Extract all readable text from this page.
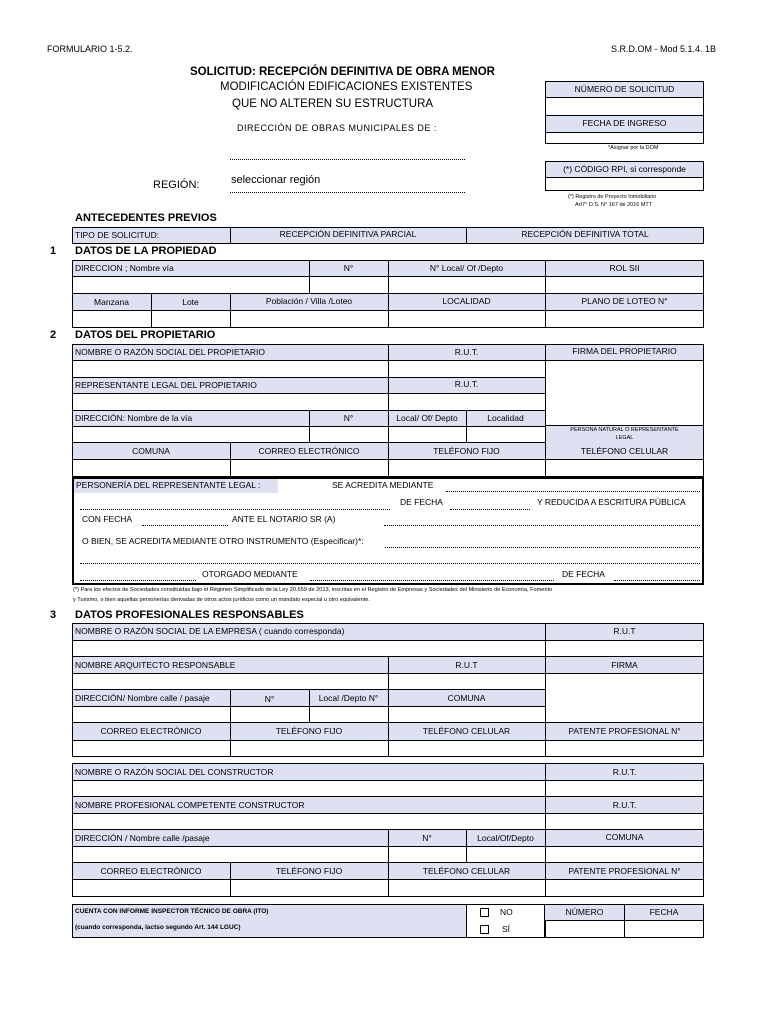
FORMULARIO 1-5.2.	S.R.D.OM - Mod 5.1.4. 1B
SOLICITUD: RECEPCIÓN DEFINITIVA DE OBRA MENOR
MODIFICACIÓN EDIFICACIONES EXISTENTES
QUE NO ALTEREN SU ESTRUCTURA
DIRECCIÓN DE OBRAS MUNICIPALES DE :
REGIÓN:	seleccionar región
NÚMERO DE SOLICITUD
FECHA DE INGRESO
*Asignar por la DOM
(*) CÓDIGO RPI, si corresponde
(*) Registro de Proyecto Inmobiliario
Art7° D.S. N° 167 de 2016 MTT
ANTECEDENTES PREVIOS
TIPO DE SOLICITUD:	RECEPCIÓN DEFINITIVA PARCIAL	RECEPCIÓN DEFINITIVA TOTAL
1 DATOS DE LA PROPIEDAD
DIRECCION ; Nombre vía	N°	N° Local/ Of /Depto	ROL SII
Manzana	Lote	Población / Villa /Loteo	LOCALIDAD	PLANO DE LOTEO N°
2 DATOS DEL PROPIETARIO
NOMBRE O RAZÓN SOCIAL DEL PROPIETARIO	R.U.T.	FIRMA DEL PROPIETARIO
REPRESENTANTE LEGAL DEL PROPIETARIO	R.U.T.
DIRECCIÓN: Nombre de la vía	N°	Local/ Of/ Depto	Localidad
PERSONA NATURAL O REPRESENTANTE
LEGAL
COMUNA	CORREO ELECTRÓNICO	TELÉFONO FIJO	TELÉFONO CELULAR
PERSONERÍA DEL REPRESENTANTE LEGAL :	SE ACREDITA MEDIANTE
DE FECHA	Y REDUCIDA A ESCRITURA PÚBLICA
CON FECHA	ANTE EL NOTARIO SR (A)
O BIEN, SE ACREDITA MEDIANTE OTRO INSTRUMENTO (Especificar)*:
OTORGADO MEDIANTE	DE FECHA
(*) Para los efectos de Sociedades constituidas bajo el Régimen Simplificado de la Ley 20.659 de 2013, inscritas en el Registro de Empresas y Sociedades del Ministerio de Economía, Fomento
y Turismo, o bien aquellas personerías derivadas de otros actos jurídicos como un mandato especial u otro equivalente.
3 DATOS PROFESIONALES RESPONSABLES
NOMBRE O RAZÓN SOCIAL DE LA EMPRESA ( cuando corresponda)	R.U.T
NOMBRE ARQUITECTO RESPONSABLE	R.U.T	FIRMA
DIRECCIÓN/ Nombre calle / pasaje	N°	Local /Depto N°	COMUNA
CORREO ELECTRÓNICO	TELÉFONO FIJO	TELÉFONO CELULAR	PATENTE PROFESIONAL N°
NOMBRE O RAZÓN SOCIAL DEL CONSTRUCTOR	R.U.T.
NOMBRE PROFESIONAL COMPETENTE CONSTRUCTOR	R.U.T.
DIRECCIÓN / Nombre calle /pasaje	N°	Local/Of/Depto	COMUNA
CORREO ELECTRÓNICO	TELÉFONO FIJO	TELÉFONO CELULAR	PATENTE PROFESIONAL N°
CUENTA CON INFORME INSPECTOR TÉCNICO DE OBRA (ITO)
(cuando corresponda, lactso segundo Art. 144 LGUC)
NO
SÍ
NÚMERO	FECHA
